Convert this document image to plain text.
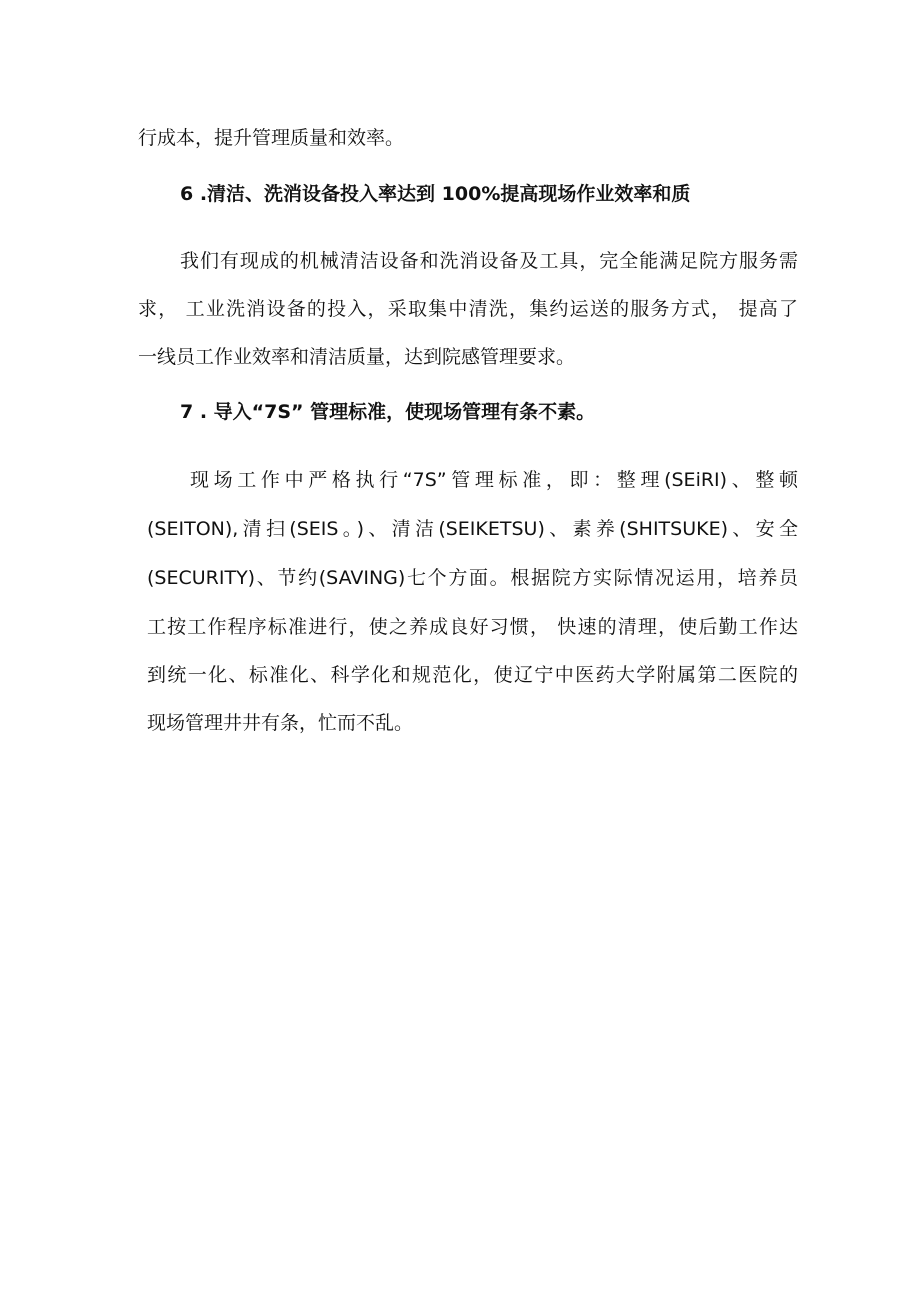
行成本，提升管理质量和效率。
6 .清洁、洗消设备投入率达到 100%提高现场作业效率和质
我们有现成的机械清洁设备和洗消设备及工具，完全能满足院方服务需
求， 工业洗消设备的投入，采取集中清洗，集约运送的服务方式， 提高了
一线员工作业效率和清洁质量，达到院感管理要求。
7 . 导入“7S” 管理标准，使现场管理有条不素。
现场工作中严格执行“7S”管理标准，即：整理(SEiRI)、整顿
(SEITON),清扫(SEIS。)、清洁(SEIKETSU)、素养(SHITSUKE)、安全
(SECURITY)、节约(SAVING)七个方面。根据院方实际情况运用，培养员
工按工作程序标准进行，使之养成良好习惯， 快速的清理，使后勤工作达
到统一化、标准化、科学化和规范化，使辽宁中医药大学附属第二医院的
现场管理井井有条，忙而不乱。
